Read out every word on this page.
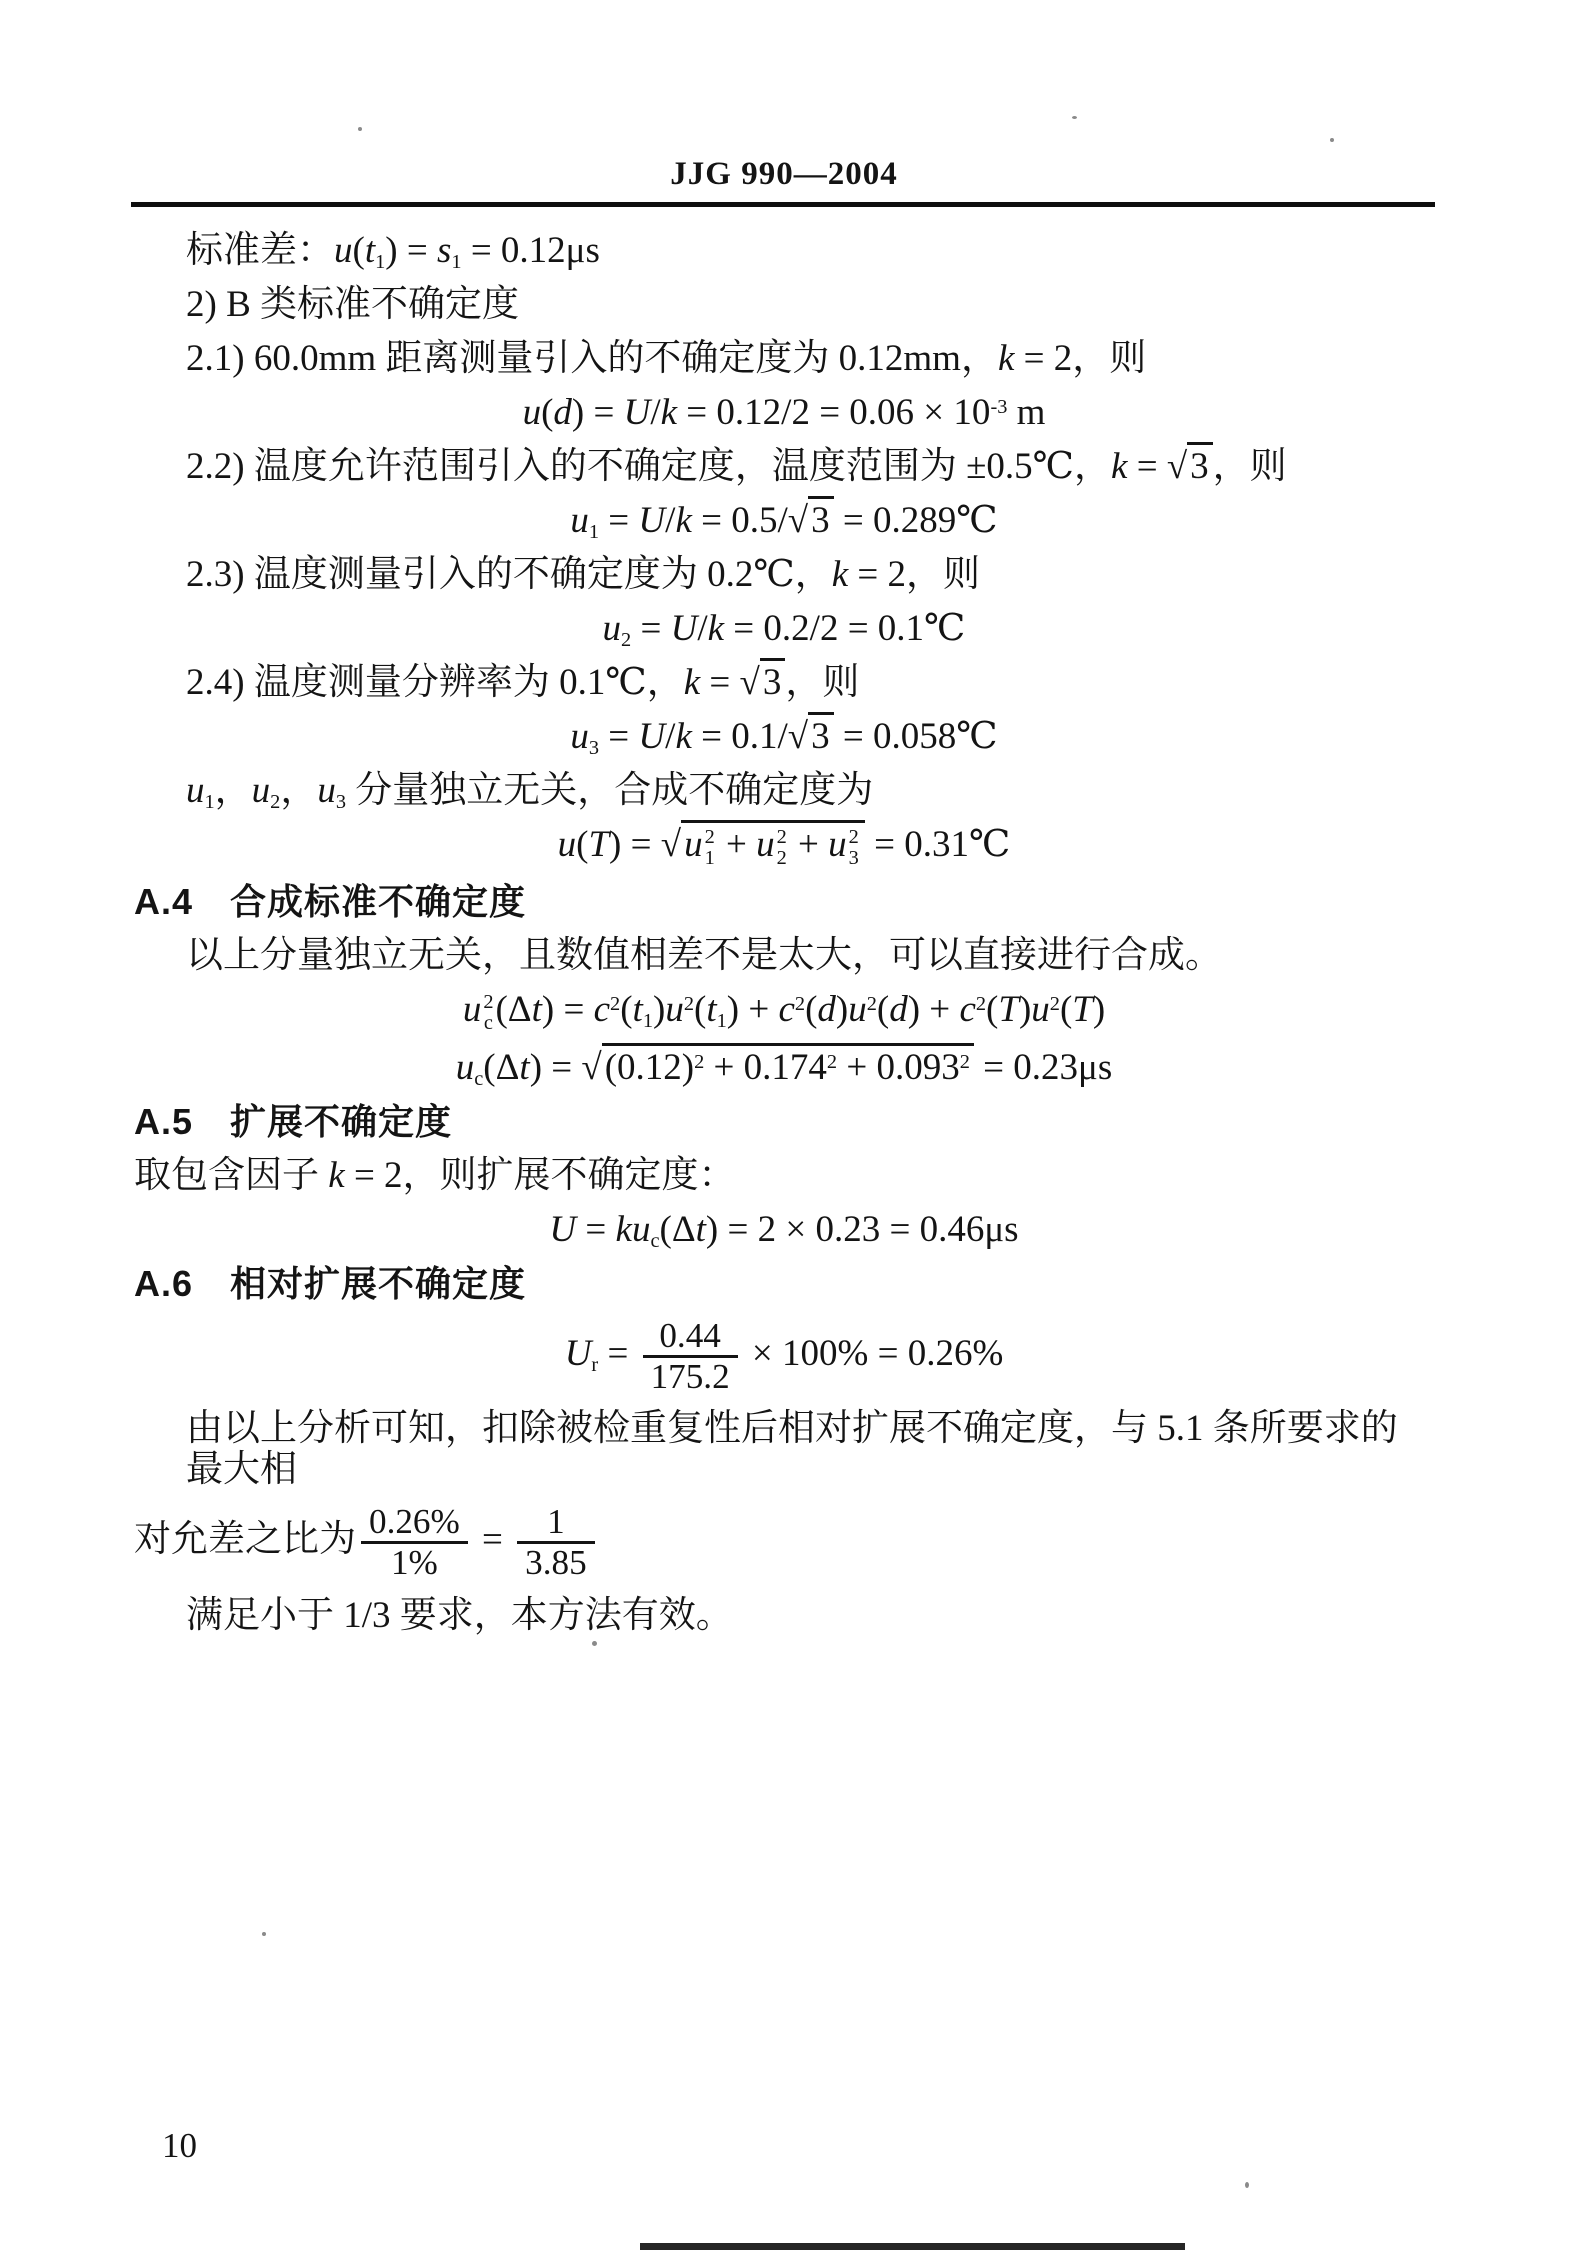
JJG 990—2004
标准差：$u(t_1) = s_1 = 0.12\mu s$
2) B 类标准不确定度
2.1) 60.0mm 距离测量引入的不确定度为 0.12mm，k = 2，则
$u(d) = U/k = 0.12/2 = 0.06 \times 10^{-3}$ m
2.2) 温度允许范围引入的不确定度，温度范围为 ±0.5℃，k = √3 ，则
$u_1 = U/k = 0.5/√3$ = 0.289℃
2.3) 温度测量引入的不确定度为 0.2℃，k = 2，则
$u_2 = U/k = 0.2/2$ = 0.1℃
2.4) 温度测量分辨率为 0.1℃，k = √3 ，则
$u_3 = U/k = 0.1/√3$ = 0.058℃
$u_1$，$u_2$，$u_3$ 分量独立无关，合成不确定度为
u(T) = √u 2
1 + u 2
2 + u 2
3 = 0.31℃
A.4　合成标准不确定度
以上分量独立无关，且数值相差不是太大，可以直接进行合成。
u 2
c $(\Delta t) = c^2(t_1)u^2(t_1) + c^2(d)u^2(d) + c^2(T)u^2(T)$
$u_c(\Delta t) = √(0.12)^2 + 0.174^2 + 0.093^2 = 0.23\mu s$
A.5　扩展不确定度
取包含因子 k = 2，则扩展不确定度：
$U = ku_c(\Delta t) = 2 \times 0.23 = 0.46\mu s$
A.6　相对扩展不确定度
$U_r = \frac{0.44}{175.2} \times 100\% = 0.26\%$
由以上分析可知，扣除被检重复性后相对扩展不确定度，与 5.1 条所要求的最大相
对允差之比为 $\frac{0.26\%}{1\%} = \frac{1}{3.85}$
满足小于 1/3 要求，本方法有效。
10
